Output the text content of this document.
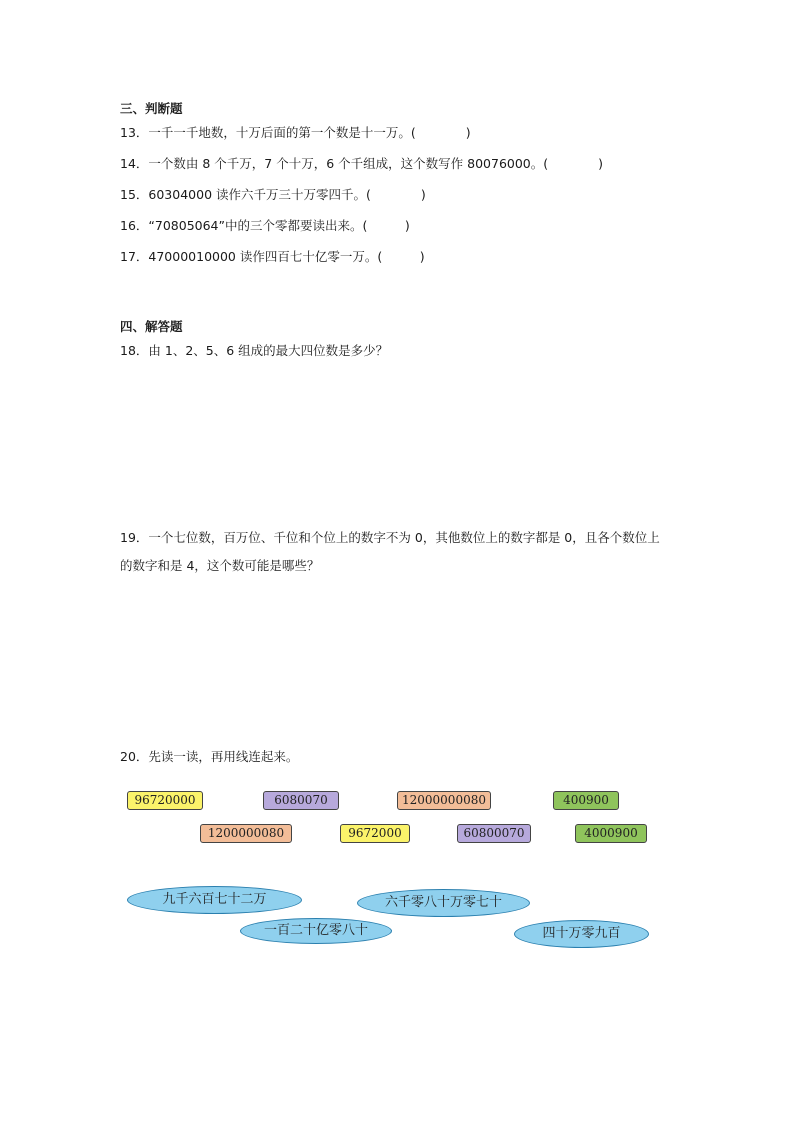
三、判断题
13．一千一千地数，十万后面的第一个数是十一万。(　　　　)
14．一个数由 8 个千万，7 个十万，6 个千组成，这个数写作 80076000。(　　　　)
15．60304000 读作六千万三十万零四千。(　　　　)
16．“70805064”中的三个零都要读出来。(　　　)
17．47000010000 读作四百七十亿零一万。(　　　)
四、解答题
18．由 1、2、5、6 组成的最大四位数是多少？
19．一个七位数，百万位、千位和个位上的数字不为 0，其他数位上的数字都是 0，且各个数位上的数字和是 4，这个数可能是哪些？
20．先读一读，再用线连起来。
96720000	6080070	12000000080	400900
1200000080	9672000	60800070	4000900
九千六百七十二万	六千零八十万零七十
一百二十亿零八十	四十万零九百
